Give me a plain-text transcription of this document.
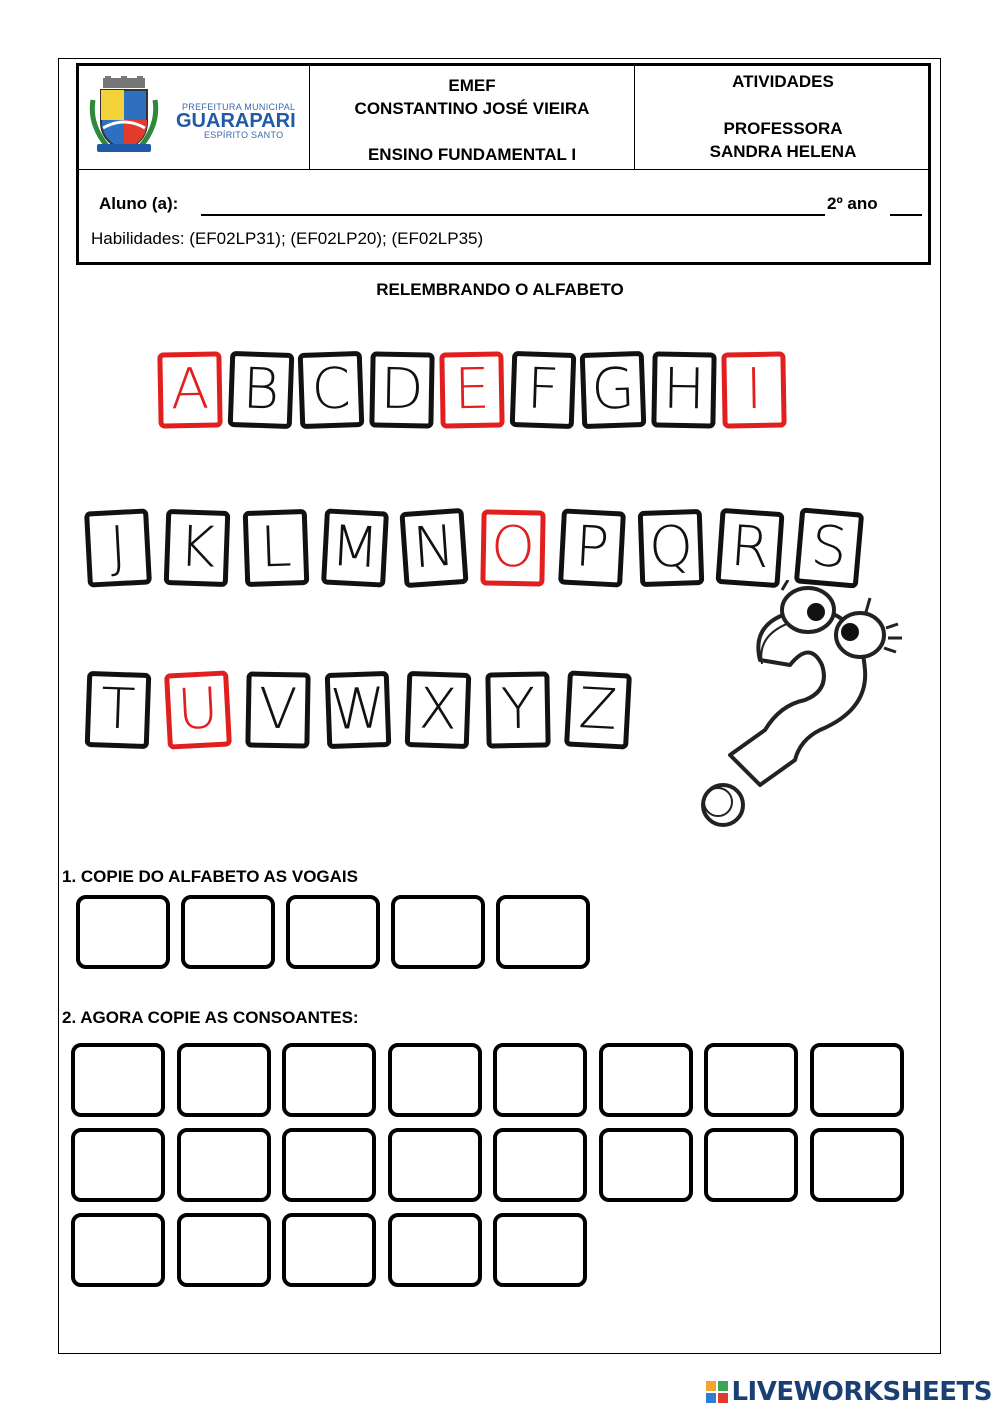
PREFEITURA MUNICIPAL
GUARAPARI
ESPÍRITO SANTO
EMEF
CONSTANTINO JOSÉ VIEIRA
ENSINO FUNDAMENTAL I
ATIVIDADES
PROFESSORA
SANDRA HELENA
Aluno (a):	2º ano
Habilidades: (EF02LP31); (EF02LP20); (EF02LP35)
RELEMBRANDO O ALFABETO
A B C D E F G H I
J K L M N O P Q R S
T U V W X Y Z
1. COPIE DO ALFABETO AS VOGAIS
2. AGORA COPIE AS CONSOANTES:
LIVEWORKSHEETS
